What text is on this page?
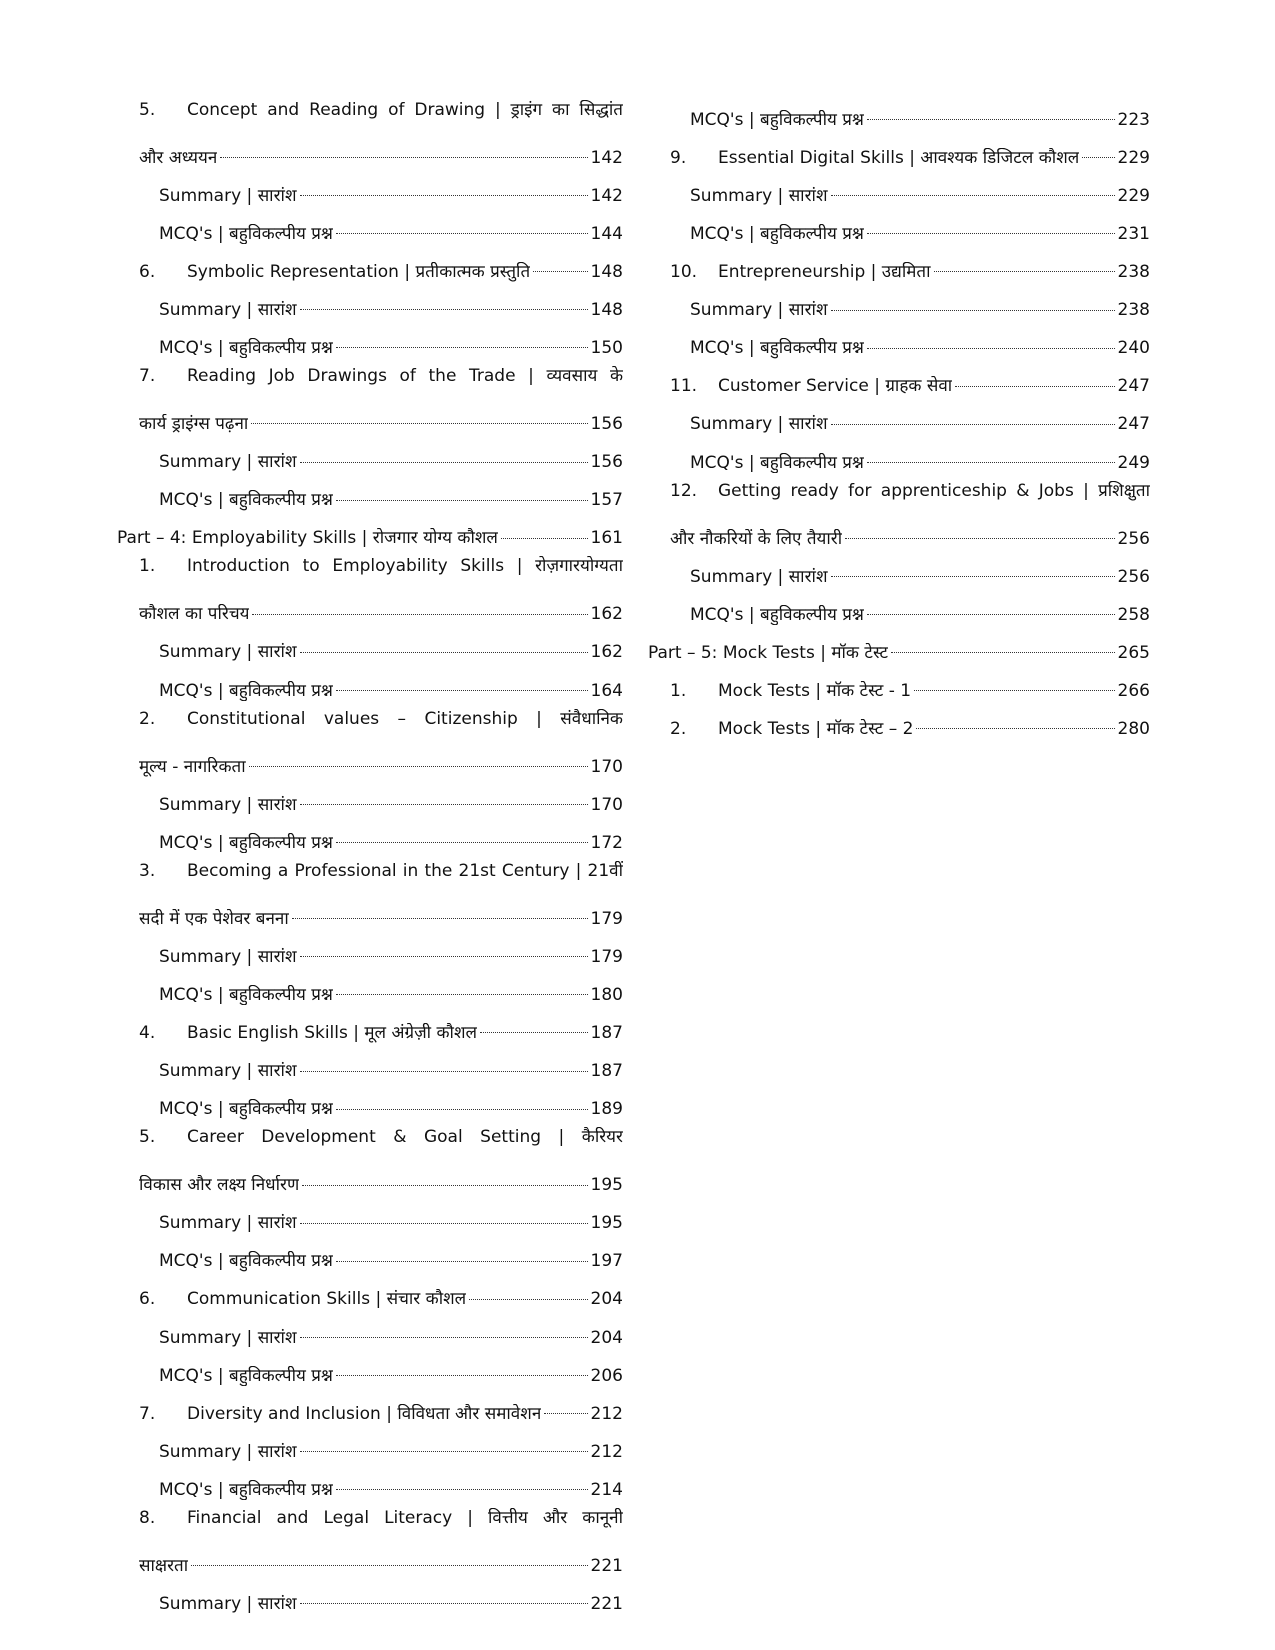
5.	Concept and Reading of Drawing | ड्राइंग का सिद्धांत
और अध्ययन	142
Summary | सारांश	142
MCQ's | बहुविकल्पीय प्रश्न	144
6.	Symbolic Representation | प्रतीकात्मक प्रस्तुति	148
Summary | सारांश	148
MCQ's | बहुविकल्पीय प्रश्न	150
7.	Reading Job Drawings of the Trade | व्यवसाय के
कार्य ड्राइंग्स पढ़ना	156
Summary | सारांश	156
MCQ's | बहुविकल्पीय प्रश्न	157
Part – 4: Employability Skills | रोजगार योग्य कौशल	161
1.	Introduction to Employability Skills | रोज़गारयोग्यता
कौशल का परिचय	162
Summary | सारांश	162
MCQ's | बहुविकल्पीय प्रश्न	164
2.	Constitutional values – Citizenship | संवैधानिक
मूल्य - नागरिकता	170
Summary | सारांश	170
MCQ's | बहुविकल्पीय प्रश्न	172
3.	Becoming a Professional in the 21st Century | 21वीं
सदी में एक पेशेवर बनना	179
Summary | सारांश	179
MCQ's | बहुविकल्पीय प्रश्न	180
4.	Basic English Skills | मूल अंग्रेज़ी कौशल	187
Summary | सारांश	187
MCQ's | बहुविकल्पीय प्रश्न	189
5.	Career Development & Goal Setting | कैरियर
विकास और लक्ष्य निर्धारण	195
Summary | सारांश	195
MCQ's | बहुविकल्पीय प्रश्न	197
6.	Communication Skills | संचार कौशल	204
Summary | सारांश	204
MCQ's | बहुविकल्पीय प्रश्न	206
7.	Diversity and Inclusion | विविधता और समावेशन	212
Summary | सारांश	212
MCQ's | बहुविकल्पीय प्रश्न	214
8.	Financial and Legal Literacy | वित्तीय और कानूनी
साक्षरता	221
Summary | सारांश	221
MCQ's | बहुविकल्पीय प्रश्न	223
9.	Essential Digital Skills | आवश्यक डिजिटल कौशल 229
Summary | सारांश	229
MCQ's | बहुविकल्पीय प्रश्न	231
10.	Entrepreneurship | उद्यमिता	238
Summary | सारांश	238
MCQ's | बहुविकल्पीय प्रश्न	240
11.	Customer Service | ग्राहक सेवा	247
Summary | सारांश	247
MCQ's | बहुविकल्पीय प्रश्न	249
12.	Getting ready for apprenticeship & Jobs | प्रशिक्षुता
और नौकरियों के लिए तैयारी	256
Summary | सारांश	256
MCQ's | बहुविकल्पीय प्रश्न	258
Part – 5: Mock Tests | मॉक टेस्ट	265
1.	Mock Tests | मॉक टेस्ट - 1	266
2.	Mock Tests | मॉक टेस्ट – 2	280
